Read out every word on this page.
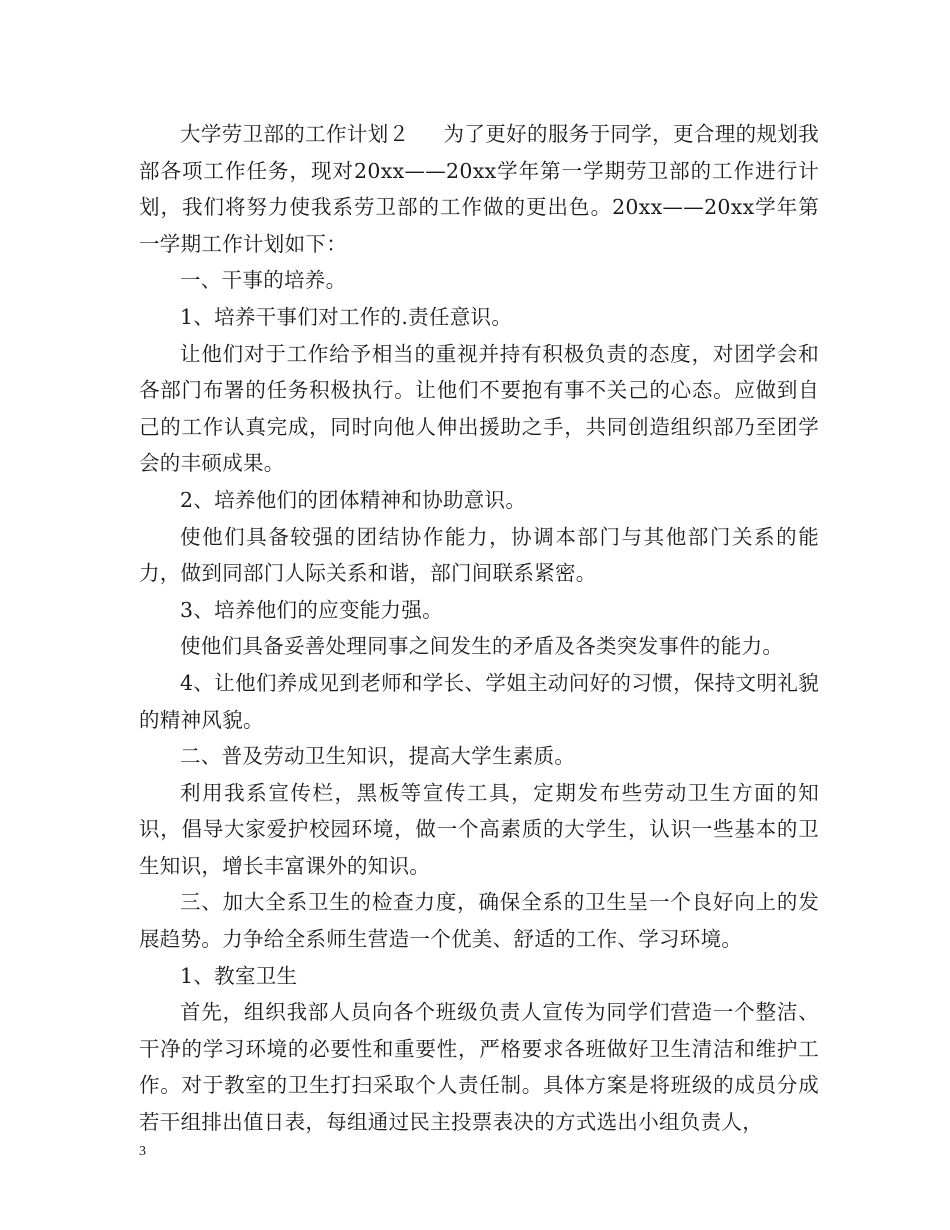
大学劳卫部的工作计划２ 为了更好的服务于同学，更合理的规划我部各项工作任务，现对20xx——20xx学年第一学期劳卫部的工作进行计划，我们将努力使我系劳卫部的工作做的更出色。20xx——20xx学年第一学期工作计划如下：

一、干事的培养。

1、培养干事们对工作的.责任意识。

让他们对于工作给予相当的重视并持有积极负责的态度，对团学会和各部门布署的任务积极执行。让他们不要抱有事不关己的心态。应做到自己的工作认真完成，同时向他人伸出援助之手，共同创造组织部乃至团学会的丰硕成果。

2、培养他们的团体精神和协助意识。

使他们具备较强的团结协作能力，协调本部门与其他部门关系的能力，做到同部门人际关系和谐，部门间联系紧密。

3、培养他们的应变能力强。

使他们具备妥善处理同事之间发生的矛盾及各类突发事件的能力。

4、让他们养成见到老师和学长、学姐主动问好的习惯，保持文明礼貌的精神风貌。

二、普及劳动卫生知识，提高大学生素质。

利用我系宣传栏，黑板等宣传工具，定期发布些劳动卫生方面的知识，倡导大家爱护校园环境，做一个高素质的大学生，认识一些基本的卫生知识，增长丰富课外的知识。

三、加大全系卫生的检查力度，确保全系的卫生呈一个良好向上的发展趋势。力争给全系师生营造一个优美、舒适的工作、学习环境。

1、教室卫生

首先，组织我部人员向各个班级负责人宣传为同学们营造一个整洁、干净的学习环境的必要性和重要性，严格要求各班做好卫生清洁和维护工作。对于教室的卫生打扫采取个人责任制。具体方案是将班级的成员分成若干组排出值日表，每组通过民主投票表决的方式选出小组负责人，

3
